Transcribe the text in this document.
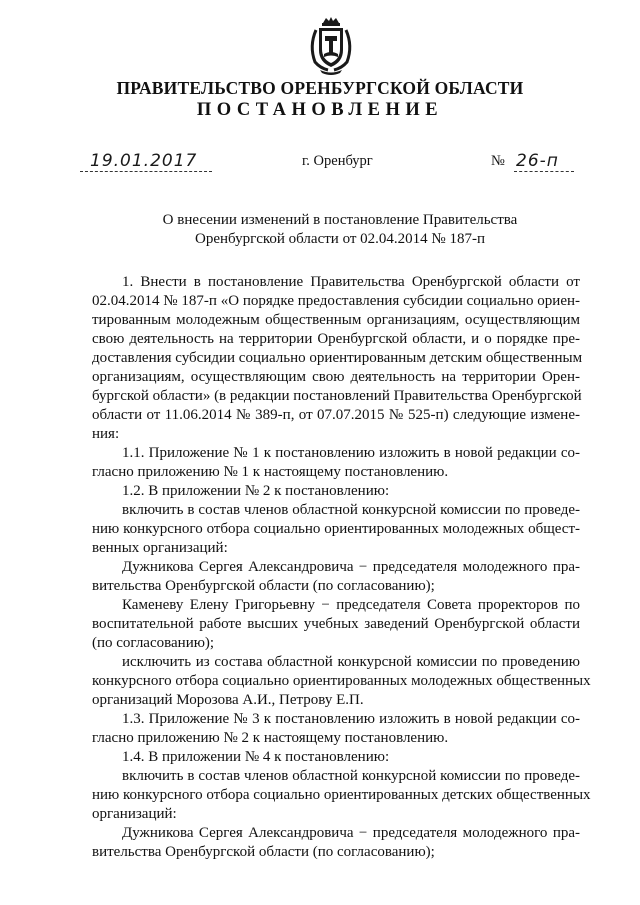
ПРАВИТЕЛЬСТВО ОРЕНБУРГСКОЙ ОБЛАСТИ
ПОСТАНОВЛЕНИЕ
19.01.2017	г. Оренбург	№ 26-п
О внесении изменений в постановление Правительства
Оренбургской области от 02.04.2014 № 187-п
1. Внести в постановление Правительства Оренбургской области от
02.04.2014 № 187-п «О порядке предоставления субсидии социально ориен-
тированным молодежным общественным организациям, осуществляющим
свою деятельность на территории Оренбургской области, и о порядке пре-
доставления субсидии социально ориентированным детским общественным
организациям, осуществляющим свою деятельность на территории Орен-
бургской области» (в редакции постановлений Правительства Оренбургской
области от 11.06.2014 № 389-п, от 07.07.2015 № 525-п) следующие измене-
ния:
1.1. Приложение № 1 к постановлению изложить в новой редакции со-
гласно приложению № 1 к настоящему постановлению.
1.2. В приложении № 2 к постановлению:
включить в состав членов областной конкурсной комиссии по проведе-
нию конкурсного отбора социально ориентированных молодежных общест-
венных организаций:
Дужникова Сергея Александровича − председателя молодежного пра-
вительства Оренбургской области (по согласованию);
Каменеву Елену Григорьевну − председателя Совета проректоров по
воспитательной работе высших учебных заведений Оренбургской области
(по согласованию);
исключить из состава областной конкурсной комиссии по проведению
конкурсного отбора социально ориентированных молодежных общественных
организаций Морозова А.И., Петрову Е.П.
1.3. Приложение № 3 к постановлению изложить в новой редакции со-
гласно приложению № 2 к настоящему постановлению.
1.4. В приложении № 4 к постановлению:
включить в состав членов областной конкурсной комиссии по проведе-
нию конкурсного отбора социально ориентированных детских общественных
организаций:
Дужникова Сергея Александровича − председателя молодежного пра-
вительства Оренбургской области (по согласованию);
